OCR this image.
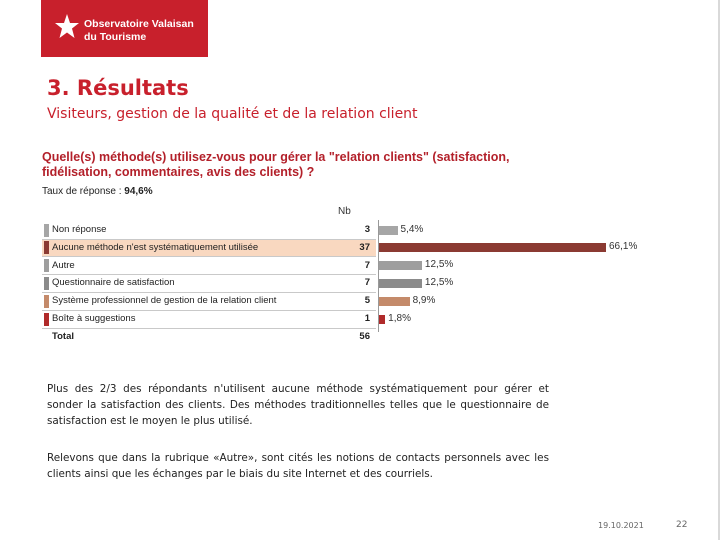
Observatoire Valaisan
du Tourisme
3. Résultats
Visiteurs, gestion de la qualité et de la relation client
Quelle(s) méthode(s) utilisez-vous pour gérer la "relation clients" (satisfaction,
fidélisation, commentaires, avis des clients) ?
Taux de réponse : 94,6%
Nb
Non réponse	3	5,4%
Aucune méthode n'est systématiquement utilisée	37	66,1%
Autre	7	12,5%
Questionnaire de satisfaction	7	12,5%
Système professionnel de gestion de la relation client	5	8,9%
Boîte à suggestions	1 1,8%
Total	56
Plus des 2/3 des répondants n'utilisent aucune méthode systématiquement pour gérer et sonder la satisfaction des clients. Des méthodes traditionnelles telles que le questionnaire de satisfaction est le moyen le plus utilisé.
Relevons que dans la rubrique «Autre», sont cités les notions de contacts personnels avec les clients ainsi que les échanges par le biais du site Internet et des courriels.
19.10.2021	22
